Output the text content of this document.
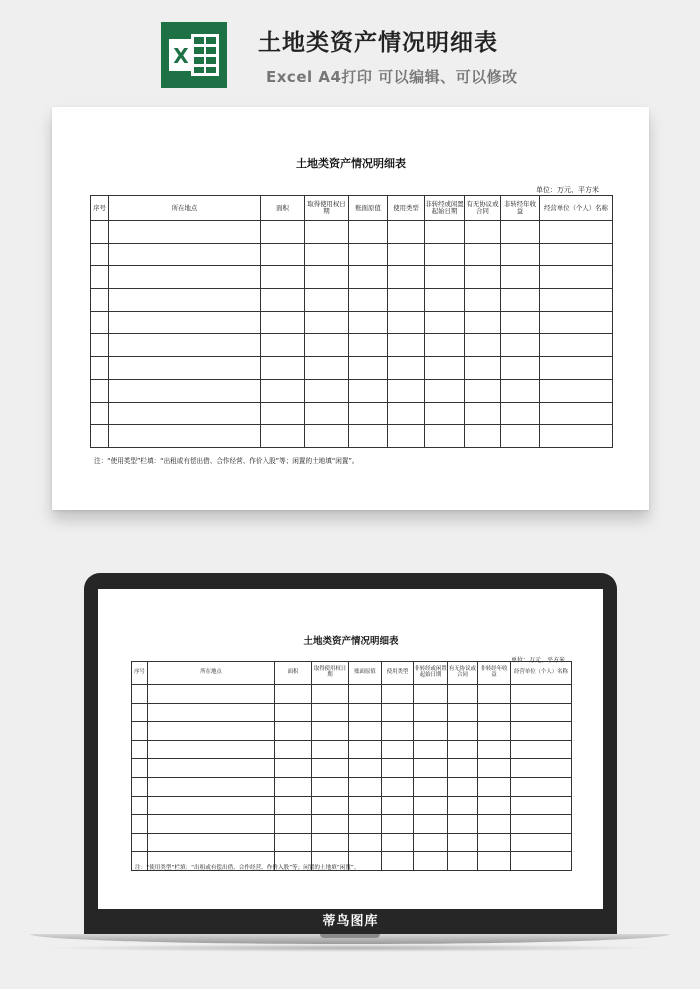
X	土地类资产情况明细表
Excel A4打印 可以编辑、可以修改
土地类资产情况明细表
单位：万元、平方米
序号	所在地点	面积	取得使用权日期	账面原值	使用类型	非转经或闲置起始日期	有无协议或合同	非转经年收益	经营单位（个人）名称

注：“使用类型”栏填：“出租或有偿出借、合作经营、作价入股”等；闲置的土地填“闲置”。
土地类资产情况明细表
单位：万元、平方米
序号	所在地点	面积	取得使用权日期	账面原值	使用类型	非转经或闲置起始日期	有无协议或合同	非转经年收益	经营单位（个人）名称

注：“使用类型”栏填：“出租或有偿出借、合作经营、作价入股”等；闲置的土地填“闲置”。
蒂鸟图库
